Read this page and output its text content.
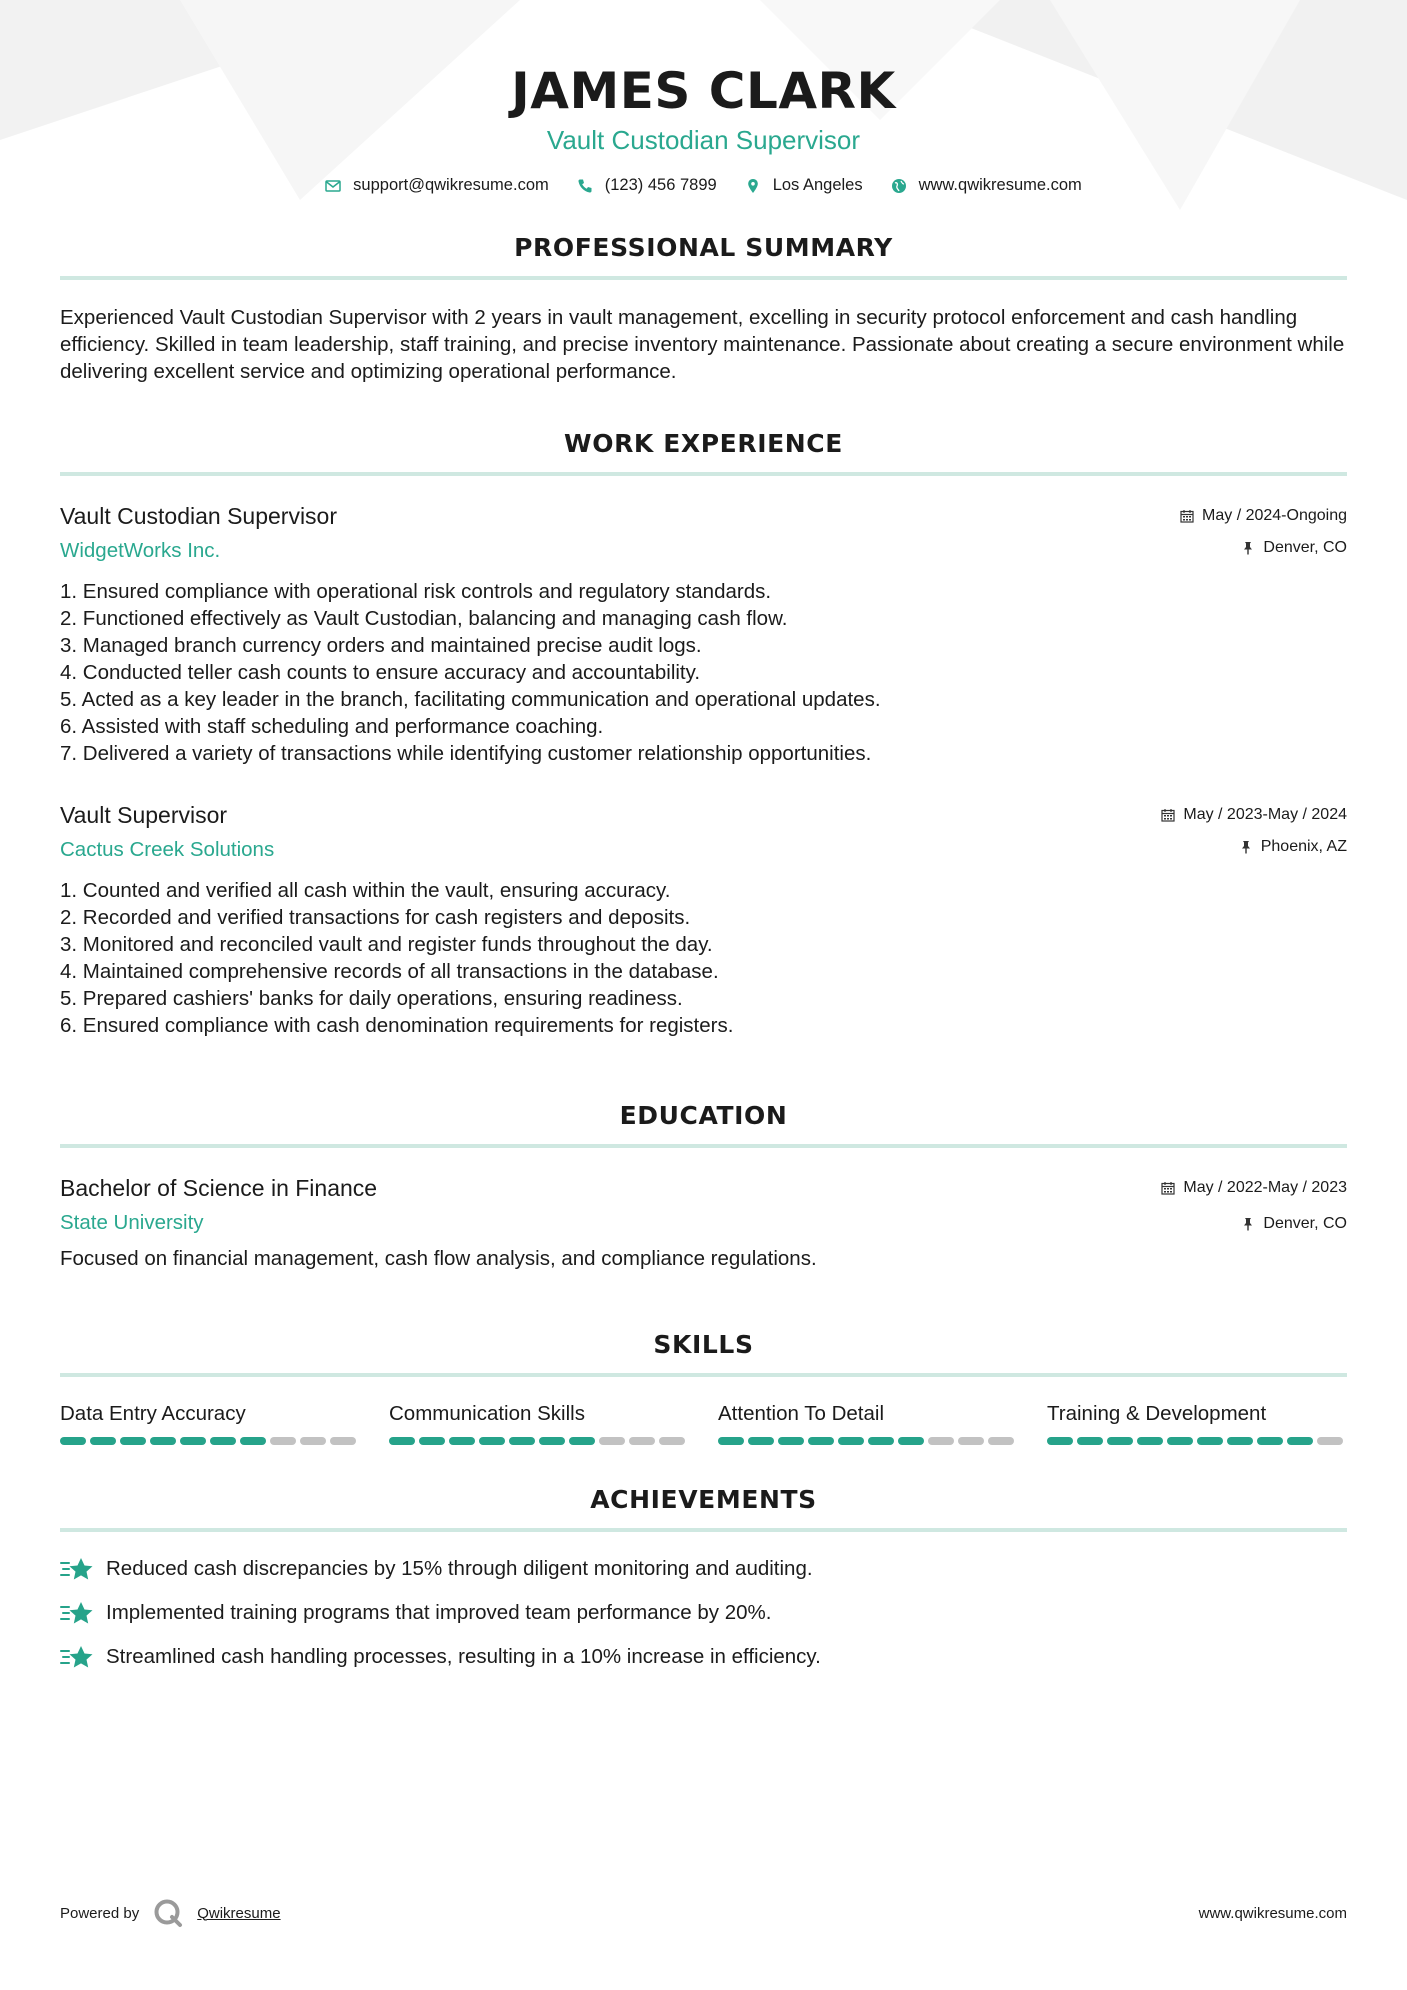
JAMES CLARK
Vault Custodian Supervisor
support@qwikresume.com	(123) 456 7899	Los Angeles	www.qwikresume.com
PROFESSIONAL SUMMARY

Experienced Vault Custodian Supervisor with 2 years in vault management, excelling in security protocol enforcement and cash handling efficiency. Skilled in team leadership, staff training, and precise inventory maintenance. Passionate about creating a secure environment while delivering excellent service and optimizing operational performance.

WORK EXPERIENCE
Vault Custodian Supervisor
WidgetWorks Inc.
May / 2024-Ongoing
Denver, CO
1. Ensured compliance with operational risk controls and regulatory standards.
2. Functioned effectively as Vault Custodian, balancing and managing cash flow.
3. Managed branch currency orders and maintained precise audit logs.
4. Conducted teller cash counts to ensure accuracy and accountability.
5. Acted as a key leader in the branch, facilitating communication and operational updates.
6. Assisted with staff scheduling and performance coaching.
7. Delivered a variety of transactions while identifying customer relationship opportunities.
Vault Supervisor
Cactus Creek Solutions
May / 2023-May / 2024
Phoenix, AZ
1. Counted and verified all cash within the vault, ensuring accuracy.
2. Recorded and verified transactions for cash registers and deposits.
3. Monitored and reconciled vault and register funds throughout the day.
4. Maintained comprehensive records of all transactions in the database.
5. Prepared cashiers' banks for daily operations, ensuring readiness.
6. Ensured compliance with cash denomination requirements for registers.
EDUCATION
Bachelor of Science in Finance
State University
May / 2022-May / 2023
Denver, CO

Focused on financial management, cash flow analysis, and compliance regulations.

SKILLS
Data Entry Accuracy	Communication Skills	Attention To Detail	Training & Development
ACHIEVEMENTS
Reduced cash discrepancies by 15% through diligent monitoring and auditing.
Implemented training programs that improved team performance by 20%.
Streamlined cash handling processes, resulting in a 10% increase in efficiency.
Powered by	Qwikresume	www.qwikresume.com
